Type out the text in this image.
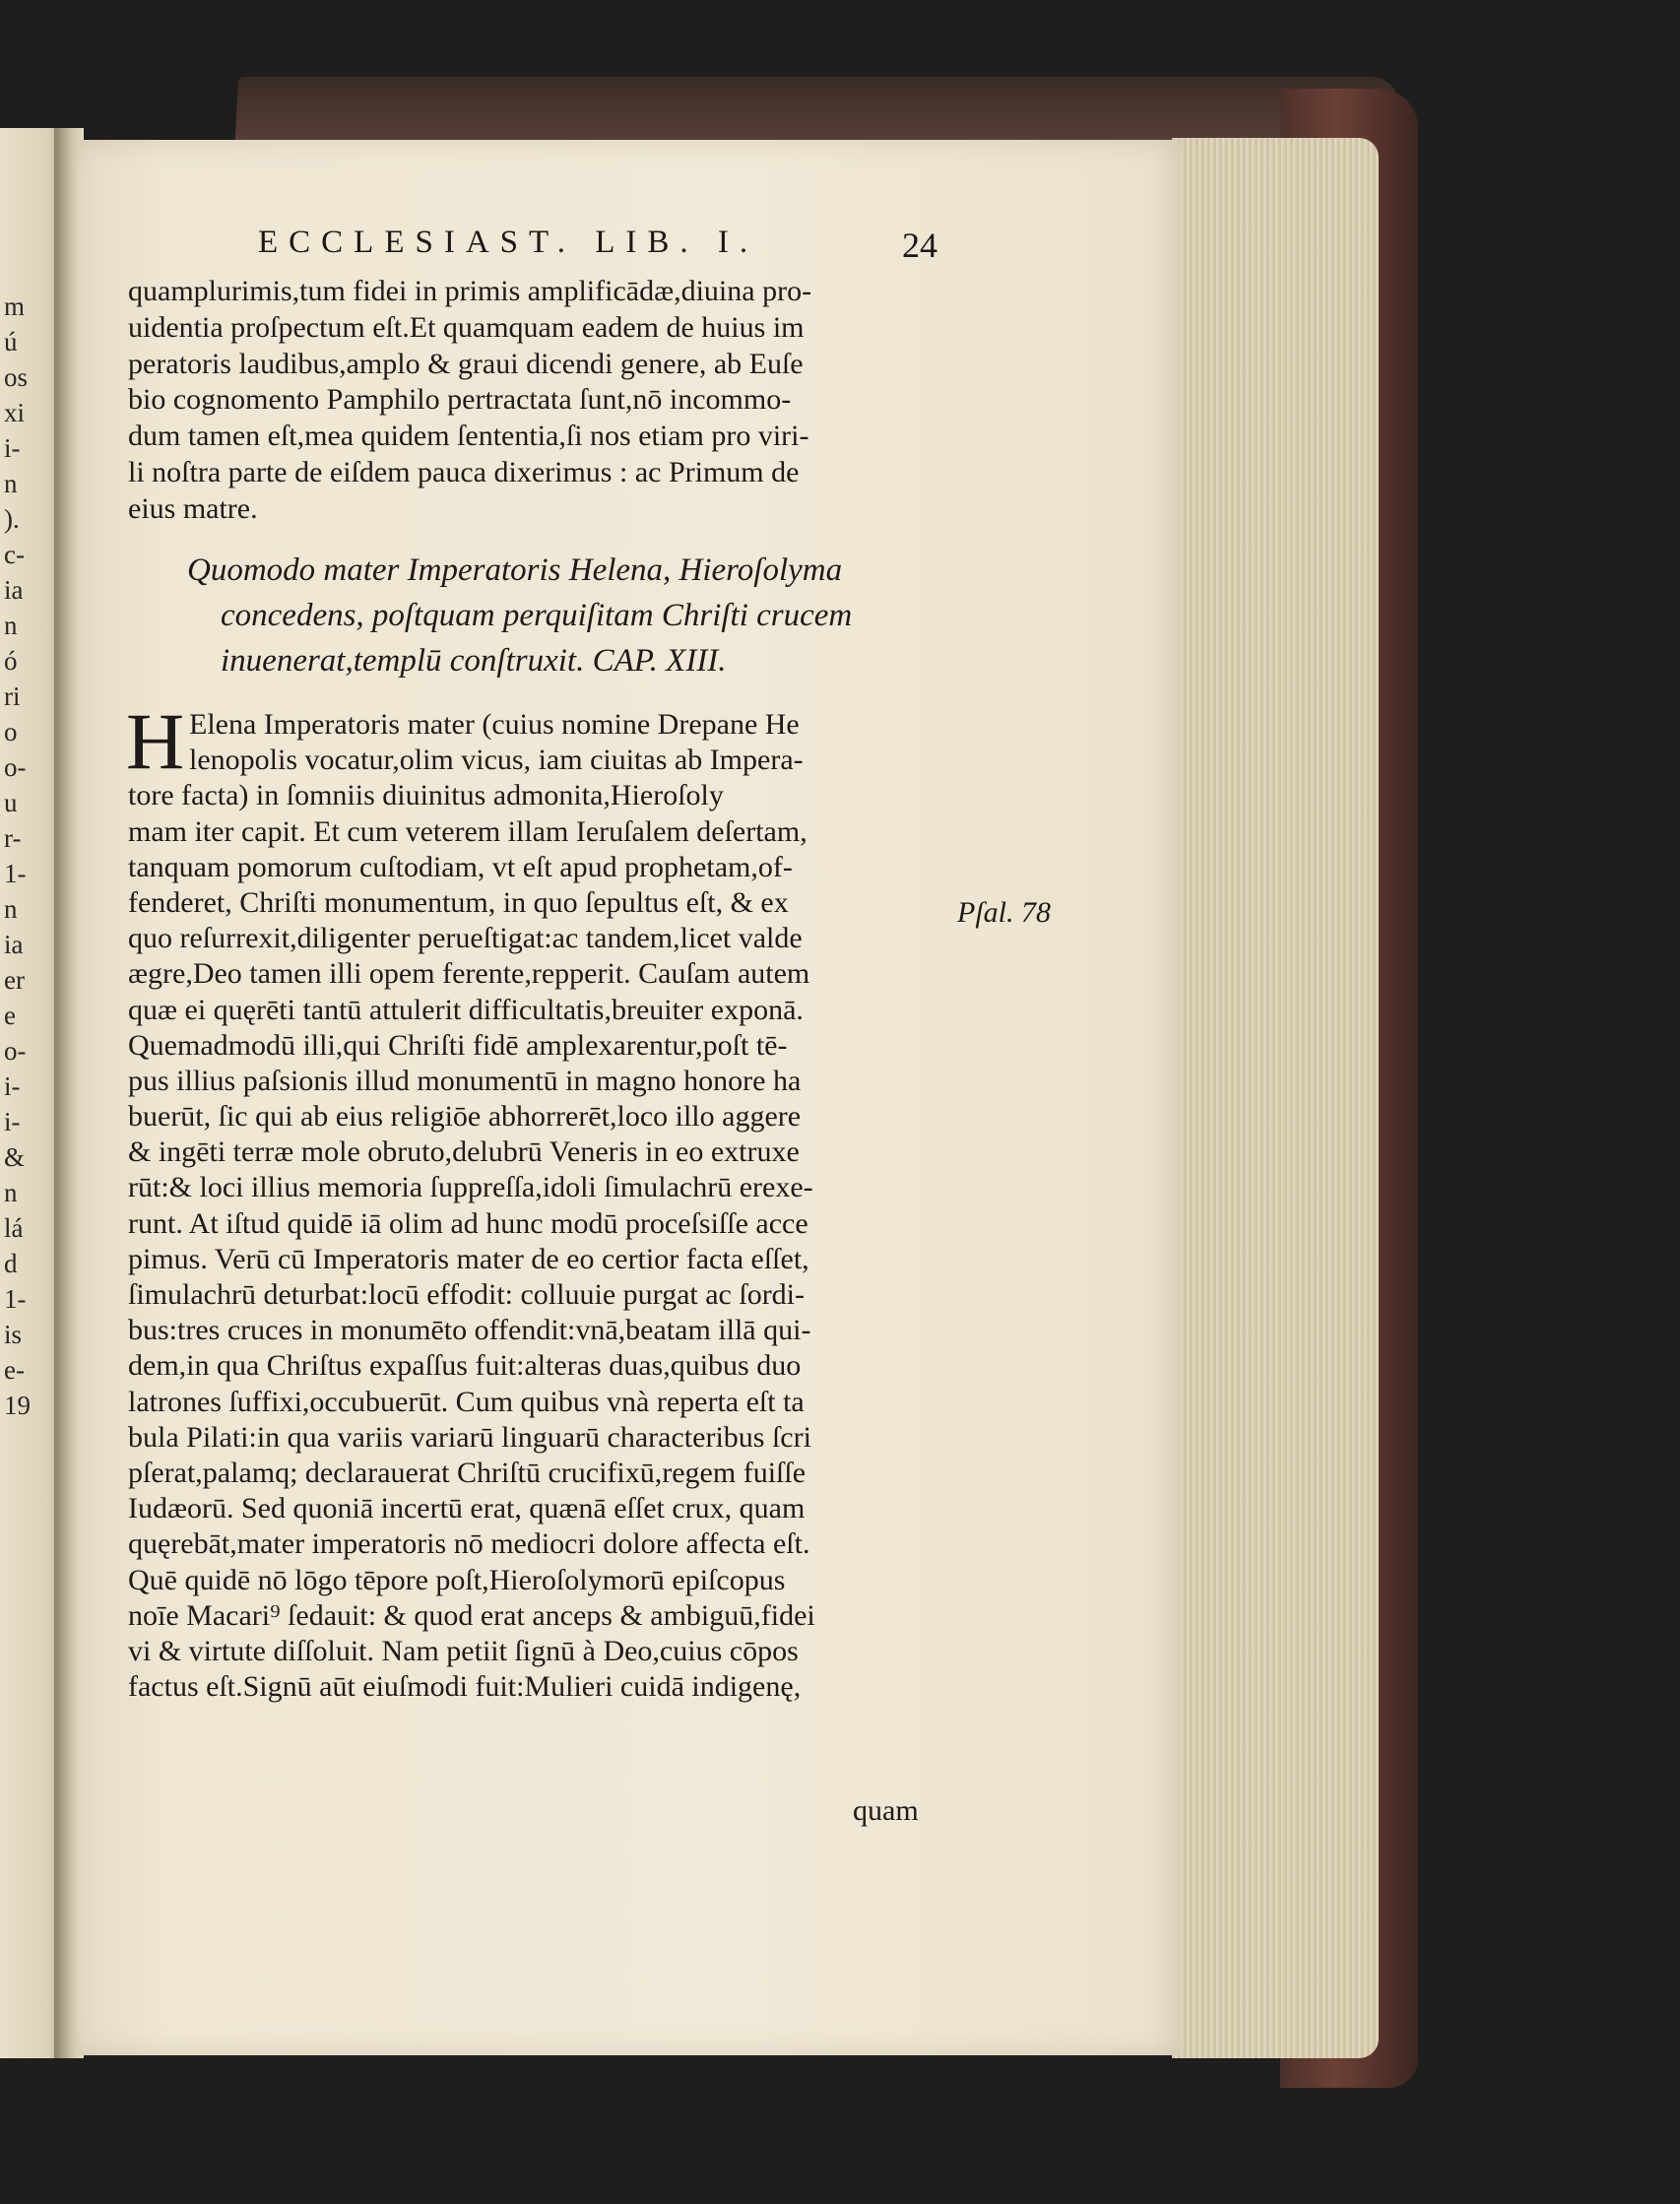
m
ú
os
xi
i-
n
).
c-
ia
n
ó
ri
o
o-
u
r-
1-
n
ia
er
e
o-
i-
i-
&
n
lá
d
1-
is
e-
19
ECCLESIAST. LIB. I.	24
quamplurimis,tum fidei in primis amplificādæ,diuina pro-
uidentia proſpectum eſt.Et quamquam eadem de huius im
peratoris laudibus,amplo & graui dicendi genere, ab Euſe
bio cognomento Pamphilo pertractata ſunt,nō incommo-
dum tamen eſt,mea quidem ſententia,ſi nos etiam pro viri-
li noſtra parte de eiſdem pauca dixerimus : ac Primum de
eius matre.
Quomodo mater Imperatoris Helena, Hieroſolyma
concedens, poſtquam perquiſitam Chriſti crucem
inuenerat,templū conſtruxit. CAP. XIII.
H Elena Imperatoris mater (cuius nomine Drepane He
lenopolis vocatur,olim vicus, iam ciuitas ab Impera-
tore facta) in ſomniis diuinitus admonita,Hieroſoly
mam iter capit. Et cum veterem illam Ieruſalem deſertam,
tanquam pomorum cuſtodiam, vt eſt apud prophetam,of-
fenderet, Chriſti monumentum, in quo ſepultus eſt, & ex
quo reſurrexit,diligenter perueſtigat:ac tandem,licet valde
ægre,Deo tamen illi opem ferente,repperit. Cauſam autem
quæ ei quęrēti tantū attulerit difficultatis,breuiter exponā.
Quemadmodū illi,qui Chriſti fidē amplexarentur,poſt tē-
pus illius paſsionis illud monumentū in magno honore ha
buerūt, ſic qui ab eius religiōe abhorrerēt,loco illo aggere
& ingēti terræ mole obruto,delubrū Veneris in eo extruxe
rūt:& loci illius memoria ſuppreſſa,idoli ſimulachrū erexe-
runt. At iſtud quidē iā olim ad hunc modū proceſsiſſe acce
pimus. Verū cū Imperatoris mater de eo certior facta eſſet,
ſimulachrū deturbat:locū effodit: colluuie purgat ac ſordi-
bus:tres cruces in monumēto offendit:vnā,beatam illā qui-
dem,in qua Chriſtus expaſſus fuit:alteras duas,quibus duo
latrones ſuffixi,occubuerūt. Cum quibus vnà reperta eſt ta
bula Pilati:in qua variis variarū linguarū characteribus ſcri
pſerat,palamq; declarauerat Chriſtū crucifixū,regem fuiſſe
Iudæorū. Sed quoniā incertū erat, quænā eſſet crux, quam
quęrebāt,mater imperatoris nō mediocri dolore affecta eſt.
Quē quidē nō lōgo tēpore poſt,Hieroſolymorū epiſcopus
noīe Macari⁹ ſedauit: & quod erat anceps & ambiguū,fidei
vi & virtute diſſoluit. Nam petiit ſignū à Deo,cuius cōpos
factus eſt.Signū aūt eiuſmodi fuit:Mulieri cuidā indigenę,
quam
Pſal. 78
